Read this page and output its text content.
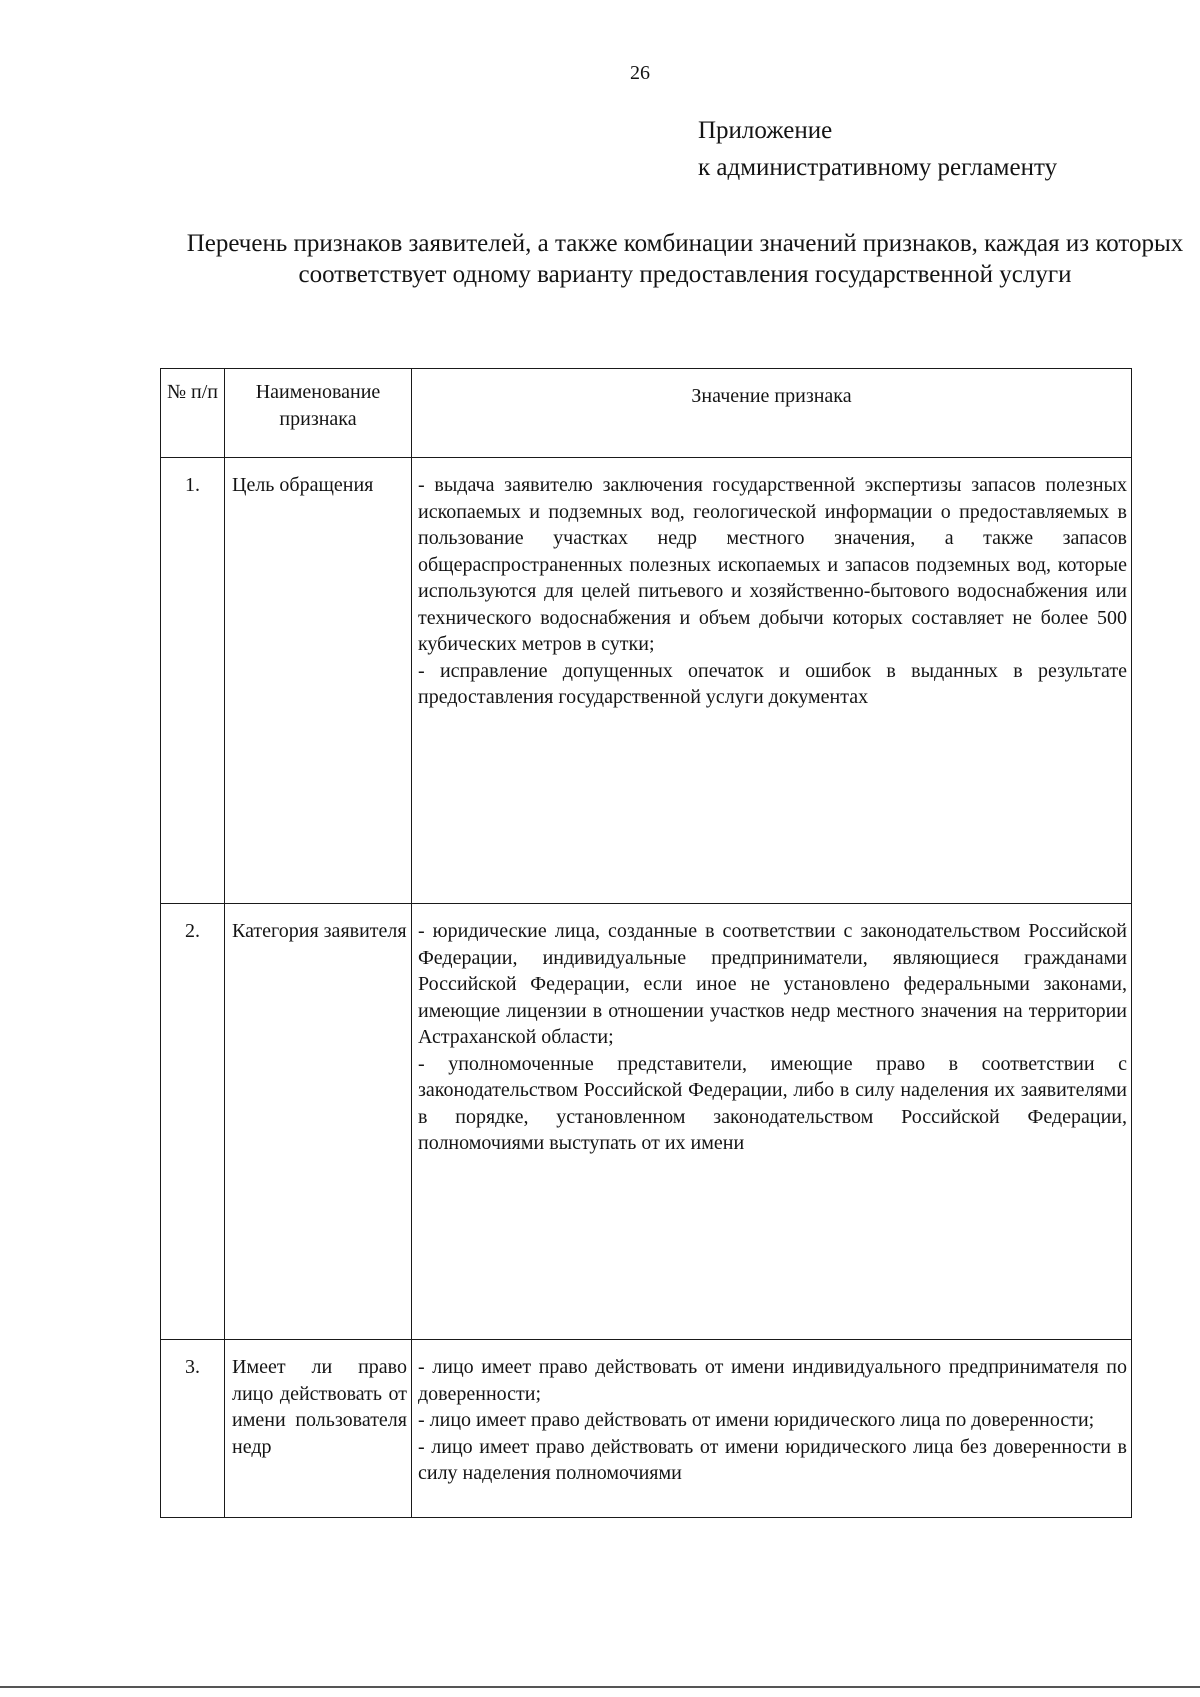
26
Приложение
к административному регламенту
Перечень признаков заявителей, а также комбинации значений признаков, каждая из которых соответствует одному варианту предоставления государственной услуги
№ п/п	Наименование признака	Значение признака
1.	Цель обращения	- выдача заявителю заключения государственной экспертизы запасов полезных ископаемых и подземных вод, геологической информации о предоставляемых в пользование участках недр местного значения, а также запасов общераспространенных полезных ископаемых и запасов подземных вод, которые используются для целей питьевого и хозяйственно-бытового водоснабжения или технического водоснабжения и объем добычи которых составляет не более 500 кубических метров в сутки;

- исправление допущенных опечаток и ошибок в выданных в результате предоставления государственной услуги документах

2.	Категория заявителя	- юридические лица, созданные в соответствии с законодательством Российской Федерации, индивидуальные предприниматели, являющиеся гражданами Российской Федерации, если иное не установлено федеральными законами, имеющие лицензии в отношении участков недр местного значения на территории Астраханской области;

- уполномоченные представители, имеющие право в соответствии с законодательством Российской Федерации, либо в силу наделения их заявителями в порядке, установленном законодательством Российской Федерации, полномочиями выступать от их имени

3.	Имеет ли право лицо действовать от имени пользователя недр	- лицо имеет право действовать от имени индивидуального предпринимателя по доверенности;

- лицо имеет право действовать от имени юридического лица по доверенности;

- лицо имеет право действовать от имени юридического лица без доверенности в силу наделения полномочиями
